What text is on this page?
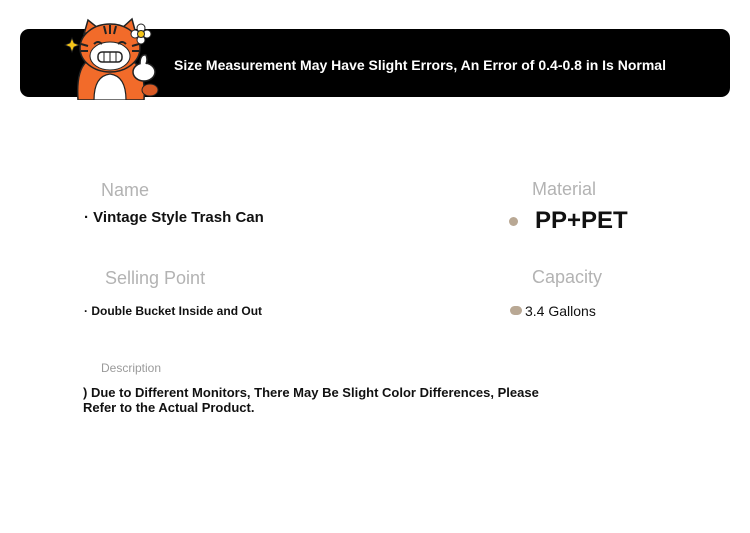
Size Measurement May Have Slight Errors, An Error of 0.4-0.8 in Is Normal
Name
· Vintage Style Trash Can
Material
PP+PET
Selling Point
· Double Bucket Inside and Out
Capacity
3.4 Gallons
Description
) Due to Different Monitors, There May Be Slight Color Differences, Please Refer to the Actual Product.
